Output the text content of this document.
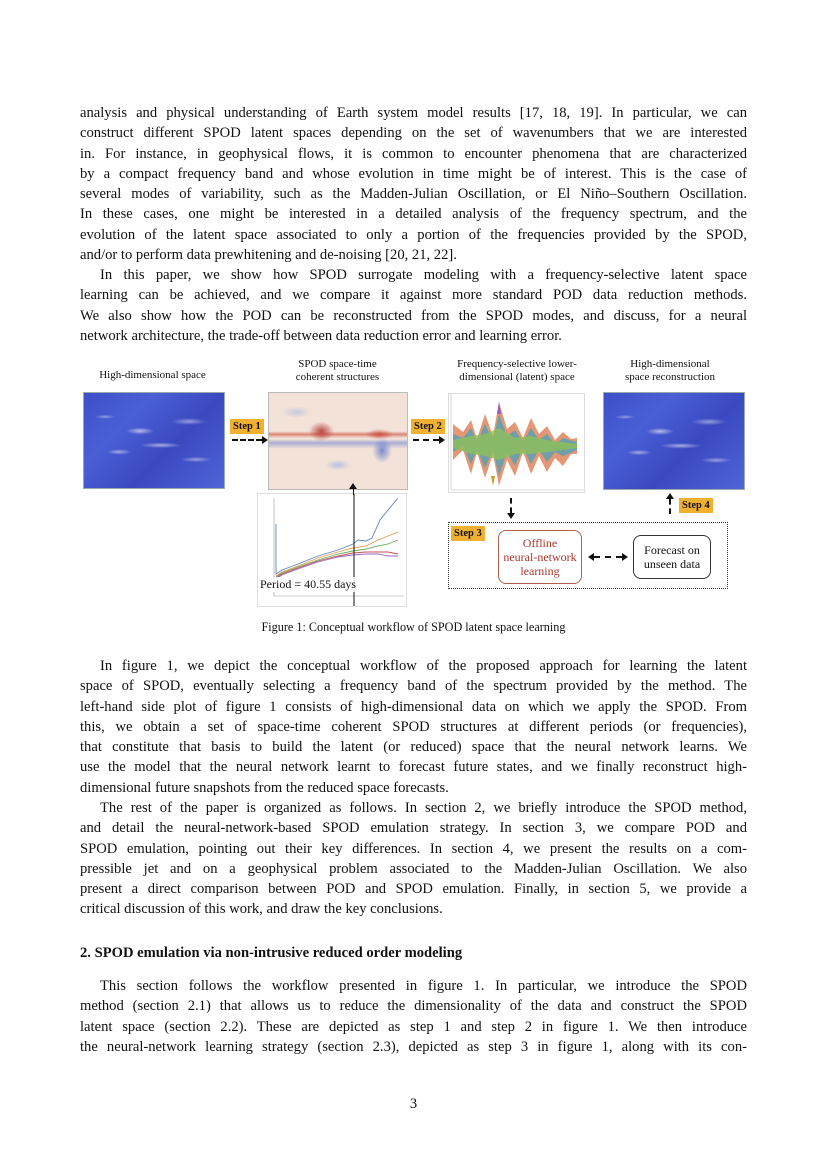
analysis and physical understanding of Earth system model results [17, 18, 19]. In particular, we can
construct different SPOD latent spaces depending on the set of wavenumbers that we are interested
in. For instance, in geophysical flows, it is common to encounter phenomena that are characterized
by a compact frequency band and whose evolution in time might be of interest. This is the case of
several modes of variability, such as the Madden-Julian Oscillation, or El Niño–Southern Oscillation.
In these cases, one might be interested in a detailed analysis of the frequency spectrum, and the
evolution of the latent space associated to only a portion of the frequencies provided by the SPOD,
and/or to perform data prewhitening and de-noising [20, 21, 22].
In this paper, we show how SPOD surrogate modeling with a frequency-selective latent space
learning can be achieved, and we compare it against more standard POD data reduction methods.
We also show how the POD can be reconstructed from the SPOD modes, and discuss, for a neural
network architecture, the trade-off between data reduction error and learning error.
High-dimensional space
SPOD space-time
coherent structures
Frequency-selective lower-
dimensional (latent) space
High-dimensional
space reconstruction
Step 1	Step 2
Period = 40.55 days
Step 4
Step 3
Offline
neural-network
learning
Forecast on
unseen data
Figure 1: Conceptual workflow of SPOD latent space learning
In figure 1, we depict the conceptual workflow of the proposed approach for learning the latent
space of SPOD, eventually selecting a frequency band of the spectrum provided by the method. The
left-hand side plot of figure 1 consists of high-dimensional data on which we apply the SPOD. From
this, we obtain a set of space-time coherent SPOD structures at different periods (or frequencies),
that constitute that basis to build the latent (or reduced) space that the neural network learns. We
use the model that the neural network learnt to forecast future states, and we finally reconstruct high-
dimensional future snapshots from the reduced space forecasts.
The rest of the paper is organized as follows. In section 2, we briefly introduce the SPOD method,
and detail the neural-network-based SPOD emulation strategy. In section 3, we compare POD and
SPOD emulation, pointing out their key differences. In section 4, we present the results on a com-
pressible jet and on a geophysical problem associated to the Madden-Julian Oscillation. We also
present a direct comparison between POD and SPOD emulation. Finally, in section 5, we provide a
critical discussion of this work, and draw the key conclusions.
2. SPOD emulation via non-intrusive reduced order modeling
This section follows the workflow presented in figure 1. In particular, we introduce the SPOD
method (section 2.1) that allows us to reduce the dimensionality of the data and construct the SPOD
latent space (section 2.2). These are depicted as step 1 and step 2 in figure 1. We then introduce
the neural-network learning strategy (section 2.3), depicted as step 3 in figure 1, along with its con-
3
